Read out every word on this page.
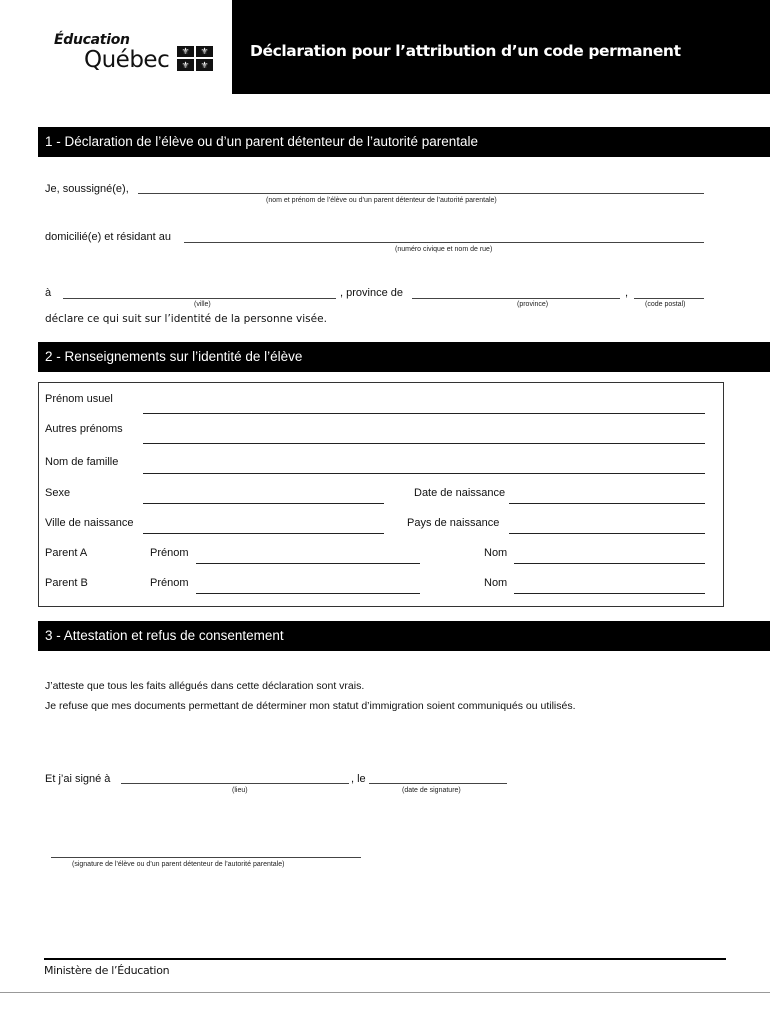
Éducation
Québec	⚜	⚜
⚜	⚜
Déclaration pour l’attribution d’un code permanent
1 - Déclaration de l’élève ou d’un parent détenteur de l’autorité parentale
Je, soussigné(e),
(nom et prénom de l’élève ou d’un parent détenteur de l’autorité parentale)
domicilié(e) et résidant au
(numéro civique et nom de rue)
à	, province de	,
(ville)	(province)	(code postal)
déclare ce qui suit sur l’identité de la personne visée.
2 - Renseignements sur l’identité de l’élève
Prénom usuel
Autres prénoms
Nom de famille
Sexe	Date de naissance
Ville de naissance	Pays de naissance
Parent A	Prénom	Nom
Parent B	Prénom	Nom
3 - Attestation et refus de consentement
J’atteste que tous les faits allégués dans cette déclaration sont vrais.
Je refuse que mes documents permettant de déterminer mon statut d’immigration soient communiqués ou utilisés.
Et j’ai signé à	, le
(lieu)	(date de signature)
(signature de l’élève ou d’un parent détenteur de l’autorité parentale)
Ministère de l’Éducation
